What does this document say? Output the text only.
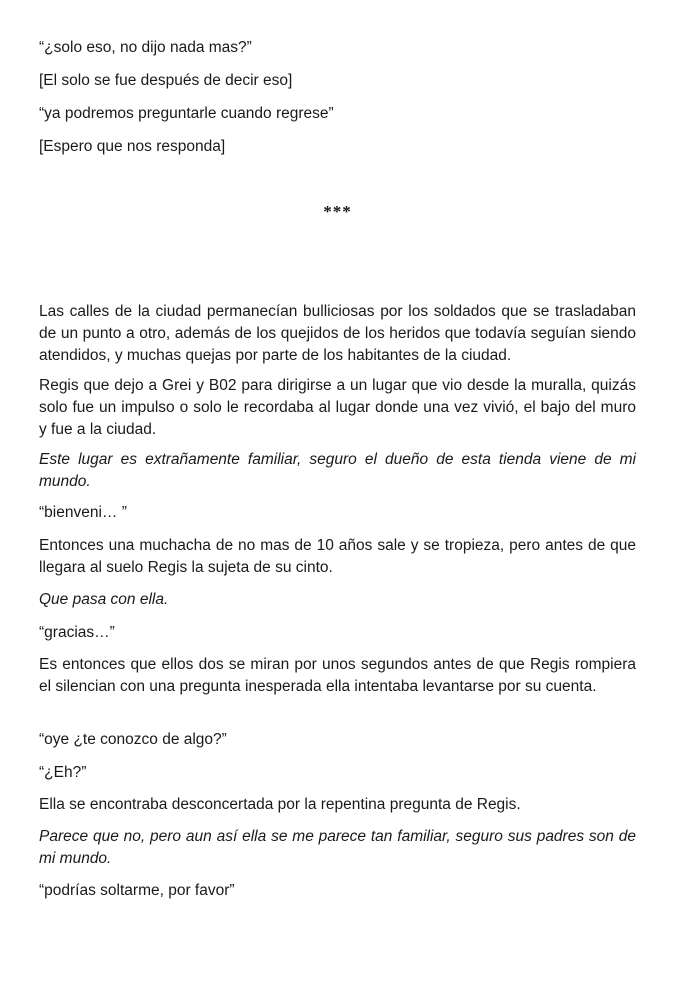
“¿solo eso, no dijo nada mas?”

[El solo se fue después de decir eso]

“ya podremos preguntarle cuando regrese”

[Espero que nos responda]

Las calles de la ciudad permanecían bulliciosas por los soldados que se trasladaban de un punto a otro, además de los quejidos de los heridos que todavía seguían siendo atendidos, y muchas quejas por parte de los habitantes de la ciudad.

Regis que dejo a Grei y B02 para dirigirse a un lugar que vio desde la muralla, quizás solo fue un impulso o solo le recordaba al lugar donde una vez vivió, el bajo del muro y fue a la ciudad.

Este lugar es extrañamente familiar, seguro el dueño de esta tienda viene de mi mundo.

“bienveni… ”

Entonces una muchacha de no mas de 10 años sale y se tropieza, pero antes de que llegara al suelo Regis la sujeta de su cinto.

Que pasa con ella.

“gracias…”

Es entonces que ellos dos se miran por unos segundos antes de que Regis rompiera el silencian con una pregunta inesperada ella intentaba levantarse por su cuenta.

“oye ¿te conozco de algo?”

“¿Eh?”

Ella se encontraba desconcertada por la repentina pregunta de Regis.

Parece que no, pero aun así ella se me parece tan familiar, seguro sus padres son de mi mundo.

“podrías soltarme, por favor”

***
